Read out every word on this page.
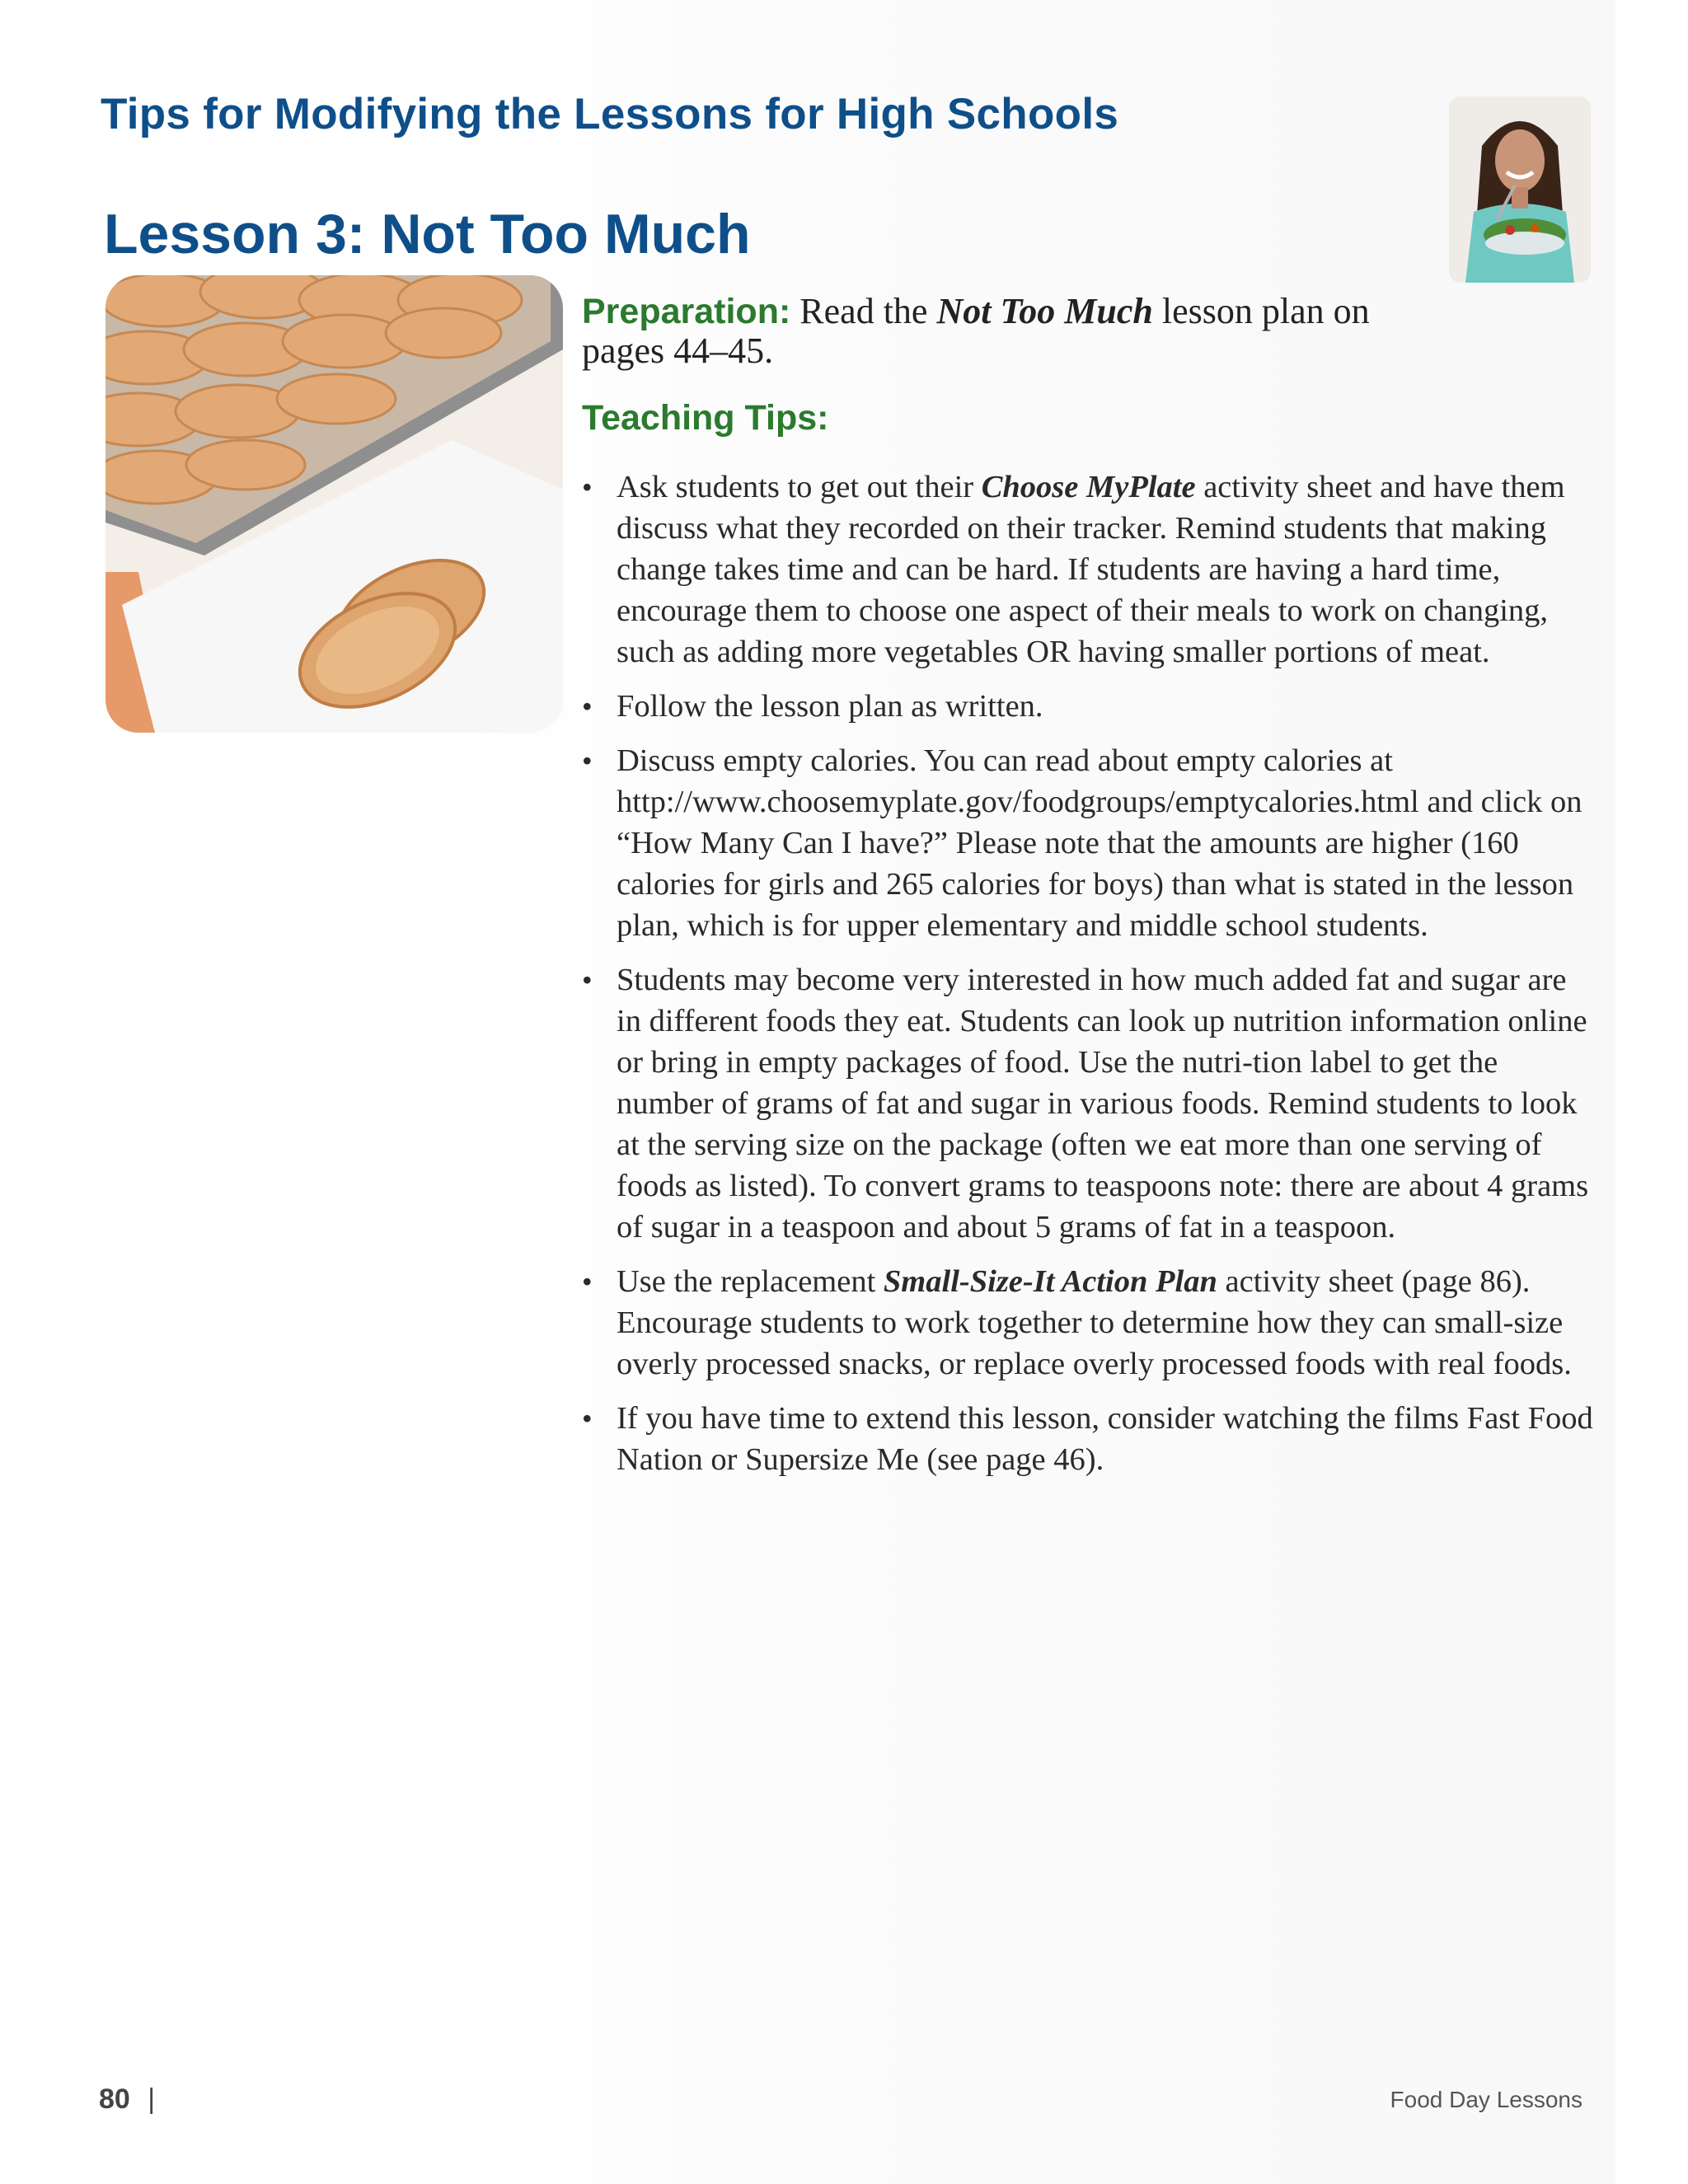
Tips for Modifying the Lessons for High Schools
Lesson 3: Not Too Much
Preparation: Read the Not Too Much lesson plan on pages 44–45.
Teaching Tips:
• Ask students to get out their Choose MyPlate activity sheet and have them discuss what they recorded on their tracker. Remind students that making change takes time and can be hard. If students are having a hard time, encourage them to choose one aspect of their meals to work on changing, such as adding more vegetables OR having smaller portions of meat.
• Follow the lesson plan as written.
• Discuss empty calories. You can read about empty calories at http://www.choosemyplate.gov/foodgroups/emptycalories.html and click on “How Many Can I have?” Please note that the amounts are higher (160 calories for girls and 265 calories for boys) than what is stated in the lesson plan, which is for upper elementary and middle school students.
• Students may become very interested in how much added fat and sugar are in different foods they eat. Students can look up nutrition information online or bring in empty packages of food. Use the nutri-tion label to get the number of grams of fat and sugar in various foods. Remind students to look at the serving size on the package (often we eat more than one serving of foods as listed). To convert grams to teaspoons note: there are about 4 grams of sugar in a teaspoon and about 5 grams of fat in a teaspoon.
• Use the replacement Small-Size-It Action Plan activity sheet (page 86). Encourage students to work together to determine how they can small-size overly processed snacks, or replace overly processed foods with real foods.
• If you have time to extend this lesson, consider watching the films Fast Food Nation or Supersize Me (see page 46).
80 |	Food Day Lessons
